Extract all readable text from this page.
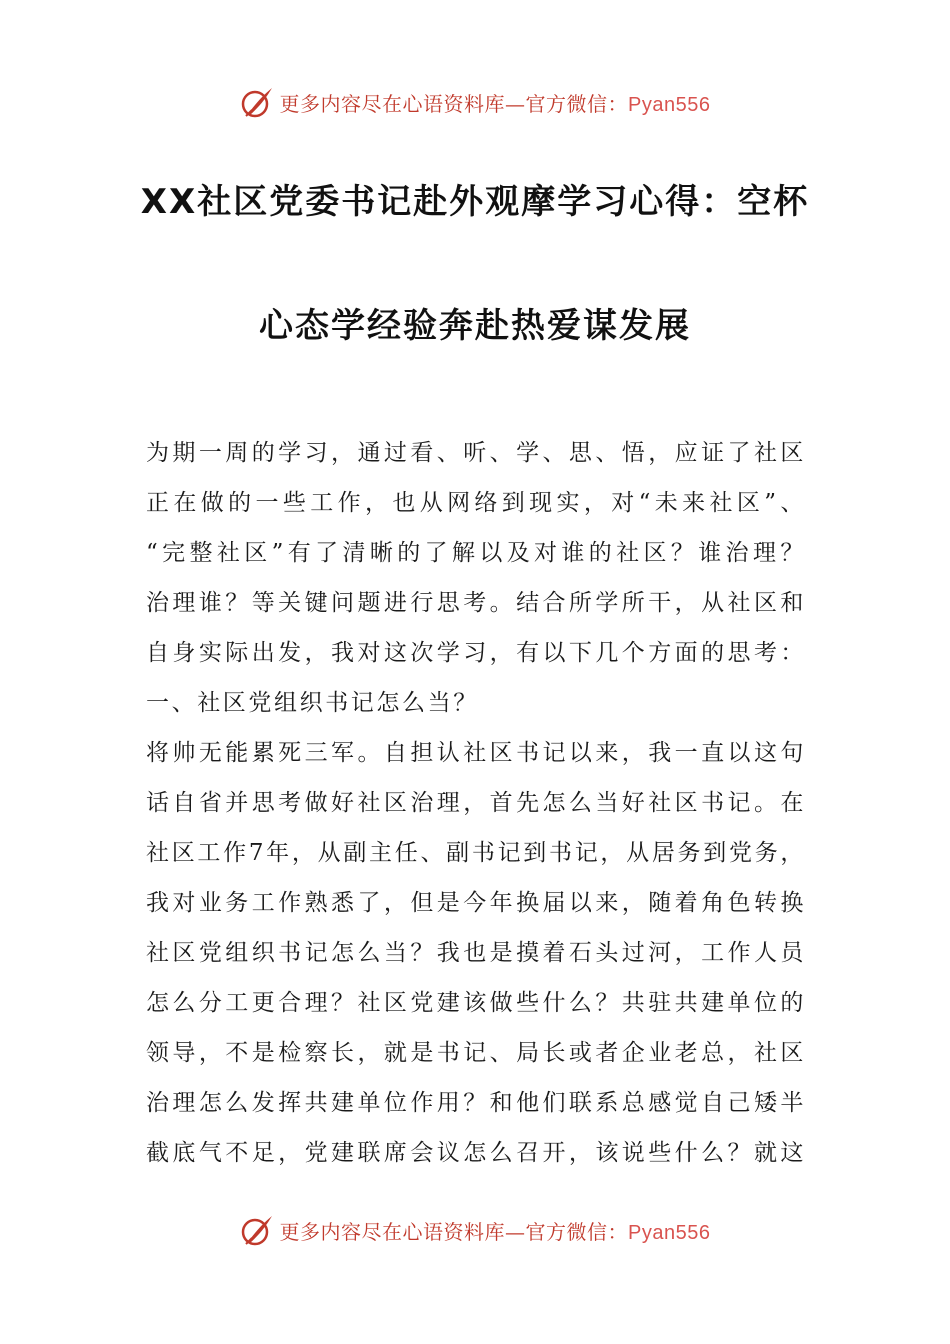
更多内容尽在心语资料库—官方微信：Pyan556
XX社区党委书记赴外观摩学习心得：空杯
心态学经验奔赴热爱谋发展
为期一周的学习，通过看、听、学、思、悟，应证了社区
正在做的一些工作，也从网络到现实，对“未来社区”、
“完整社区”有了清晰的了解以及对谁的社区？谁治理？
治理谁？等关键问题进行思考。结合所学所干，从社区和
自身实际出发，我对这次学习，有以下几个方面的思考：
一、社区党组织书记怎么当？
将帅无能累死三军。自担认社区书记以来，我一直以这句
话自省并思考做好社区治理，首先怎么当好社区书记。在
社区工作7年，从副主任、副书记到书记，从居务到党务，
我对业务工作熟悉了，但是今年换届以来，随着角色转换
社区党组织书记怎么当？我也是摸着石头过河，工作人员
怎么分工更合理？社区党建该做些什么？共驻共建单位的
领导，不是检察长，就是书记、局长或者企业老总，社区
治理怎么发挥共建单位作用？和他们联系总感觉自己矮半
截底气不足，党建联席会议怎么召开，该说些什么？就这
更多内容尽在心语资料库—官方微信：Pyan556
